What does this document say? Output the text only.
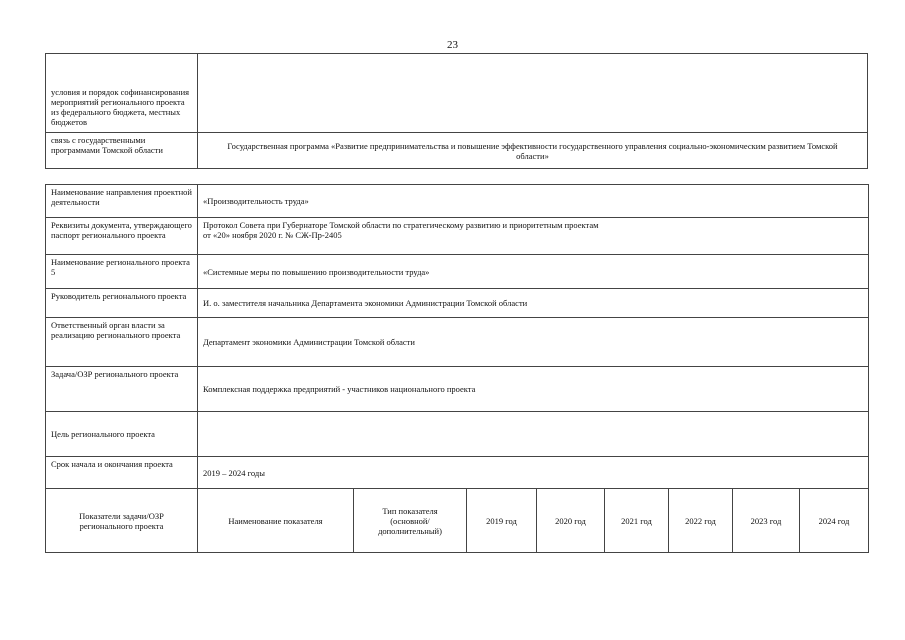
23
условия и порядок софинансирования мероприятий регионального проекта из федерального бюджета, местных бюджетов	
связь с государственными программами Томской области	Государственная программа «Развитие предпринимательства и повышение эффективности государственного управления социально-экономическим развитием Томской области»
Наименование направления проектной деятельности	«Производительность труда»							
Реквизиты документа, утверждающего паспорт регионального проекта	Протокол Совета при Губернаторе Томской области по стратегическому развитию и приоритетным проектам
от «20» ноября 2020 г. № СЖ-Пр-2405							

Наименование регионального проекта 5	«Системные меры по повышению производительности труда»							
Руководитель регионального проекта	И. о. заместителя начальника Департамента экономики Администрации Томской области							
Ответственный орган власти за реализацию регионального проекта	Департамент экономики Администрации Томской области							
Задача/ОЗР регионального проекта	Комплексная поддержка предприятий - участников национального проекта							
Цель регионального проекта								
Срок начала и окончания проекта	2019 – 2024 годы							
Показатели задачи/ОЗР регионального проекта	Наименование показателя	Тип показателя (основной/ дополнительный)	2019 год	2020 год	2021 год	2022 год	2023 год	2024 год
